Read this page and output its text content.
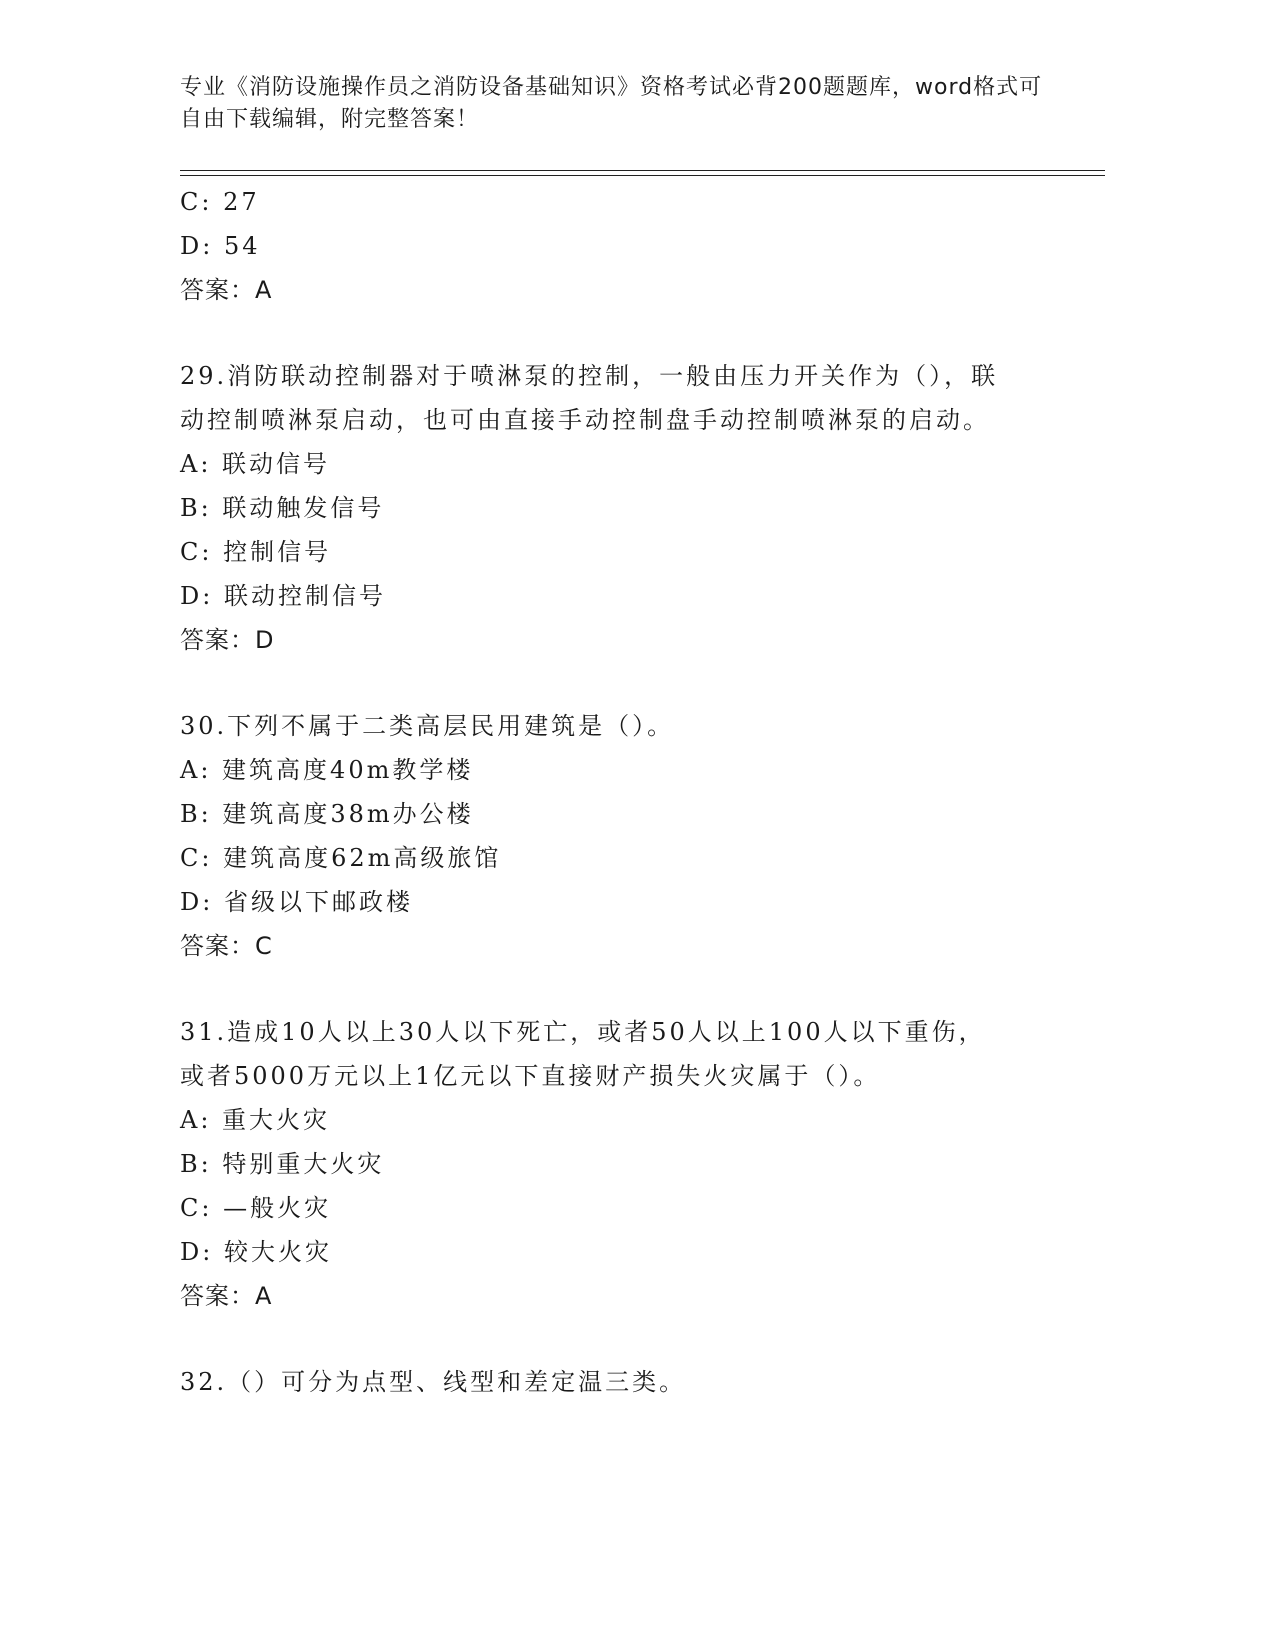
专业《消防设施操作员之消防设备基础知识》资格考试必背200题题库，word格式可自由下载编辑，附完整答案！
C: 27
D: 54
答案：A
29.消防联动控制器对于喷淋泵的控制，一般由压力开关作为（），联
动控制喷淋泵启动，也可由直接手动控制盘手动控制喷淋泵的启动。
A: 联动信号
B: 联动触发信号
C: 控制信号
D: 联动控制信号
答案：D
30.下列不属于二类高层民用建筑是（）。
A: 建筑高度40m教学楼
B: 建筑高度38m办公楼
C: 建筑高度62m高级旅馆
D: 省级以下邮政楼
答案：C
31.造成10人以上30人以下死亡，或者50人以上100人以下重伤，
或者5000万元以上1亿元以下直接财产损失火灾属于（）。
A: 重大火灾
B: 特别重大火灾
C: —般火灾
D: 较大火灾
答案：A
32.（）可分为点型、线型和差定温三类。
